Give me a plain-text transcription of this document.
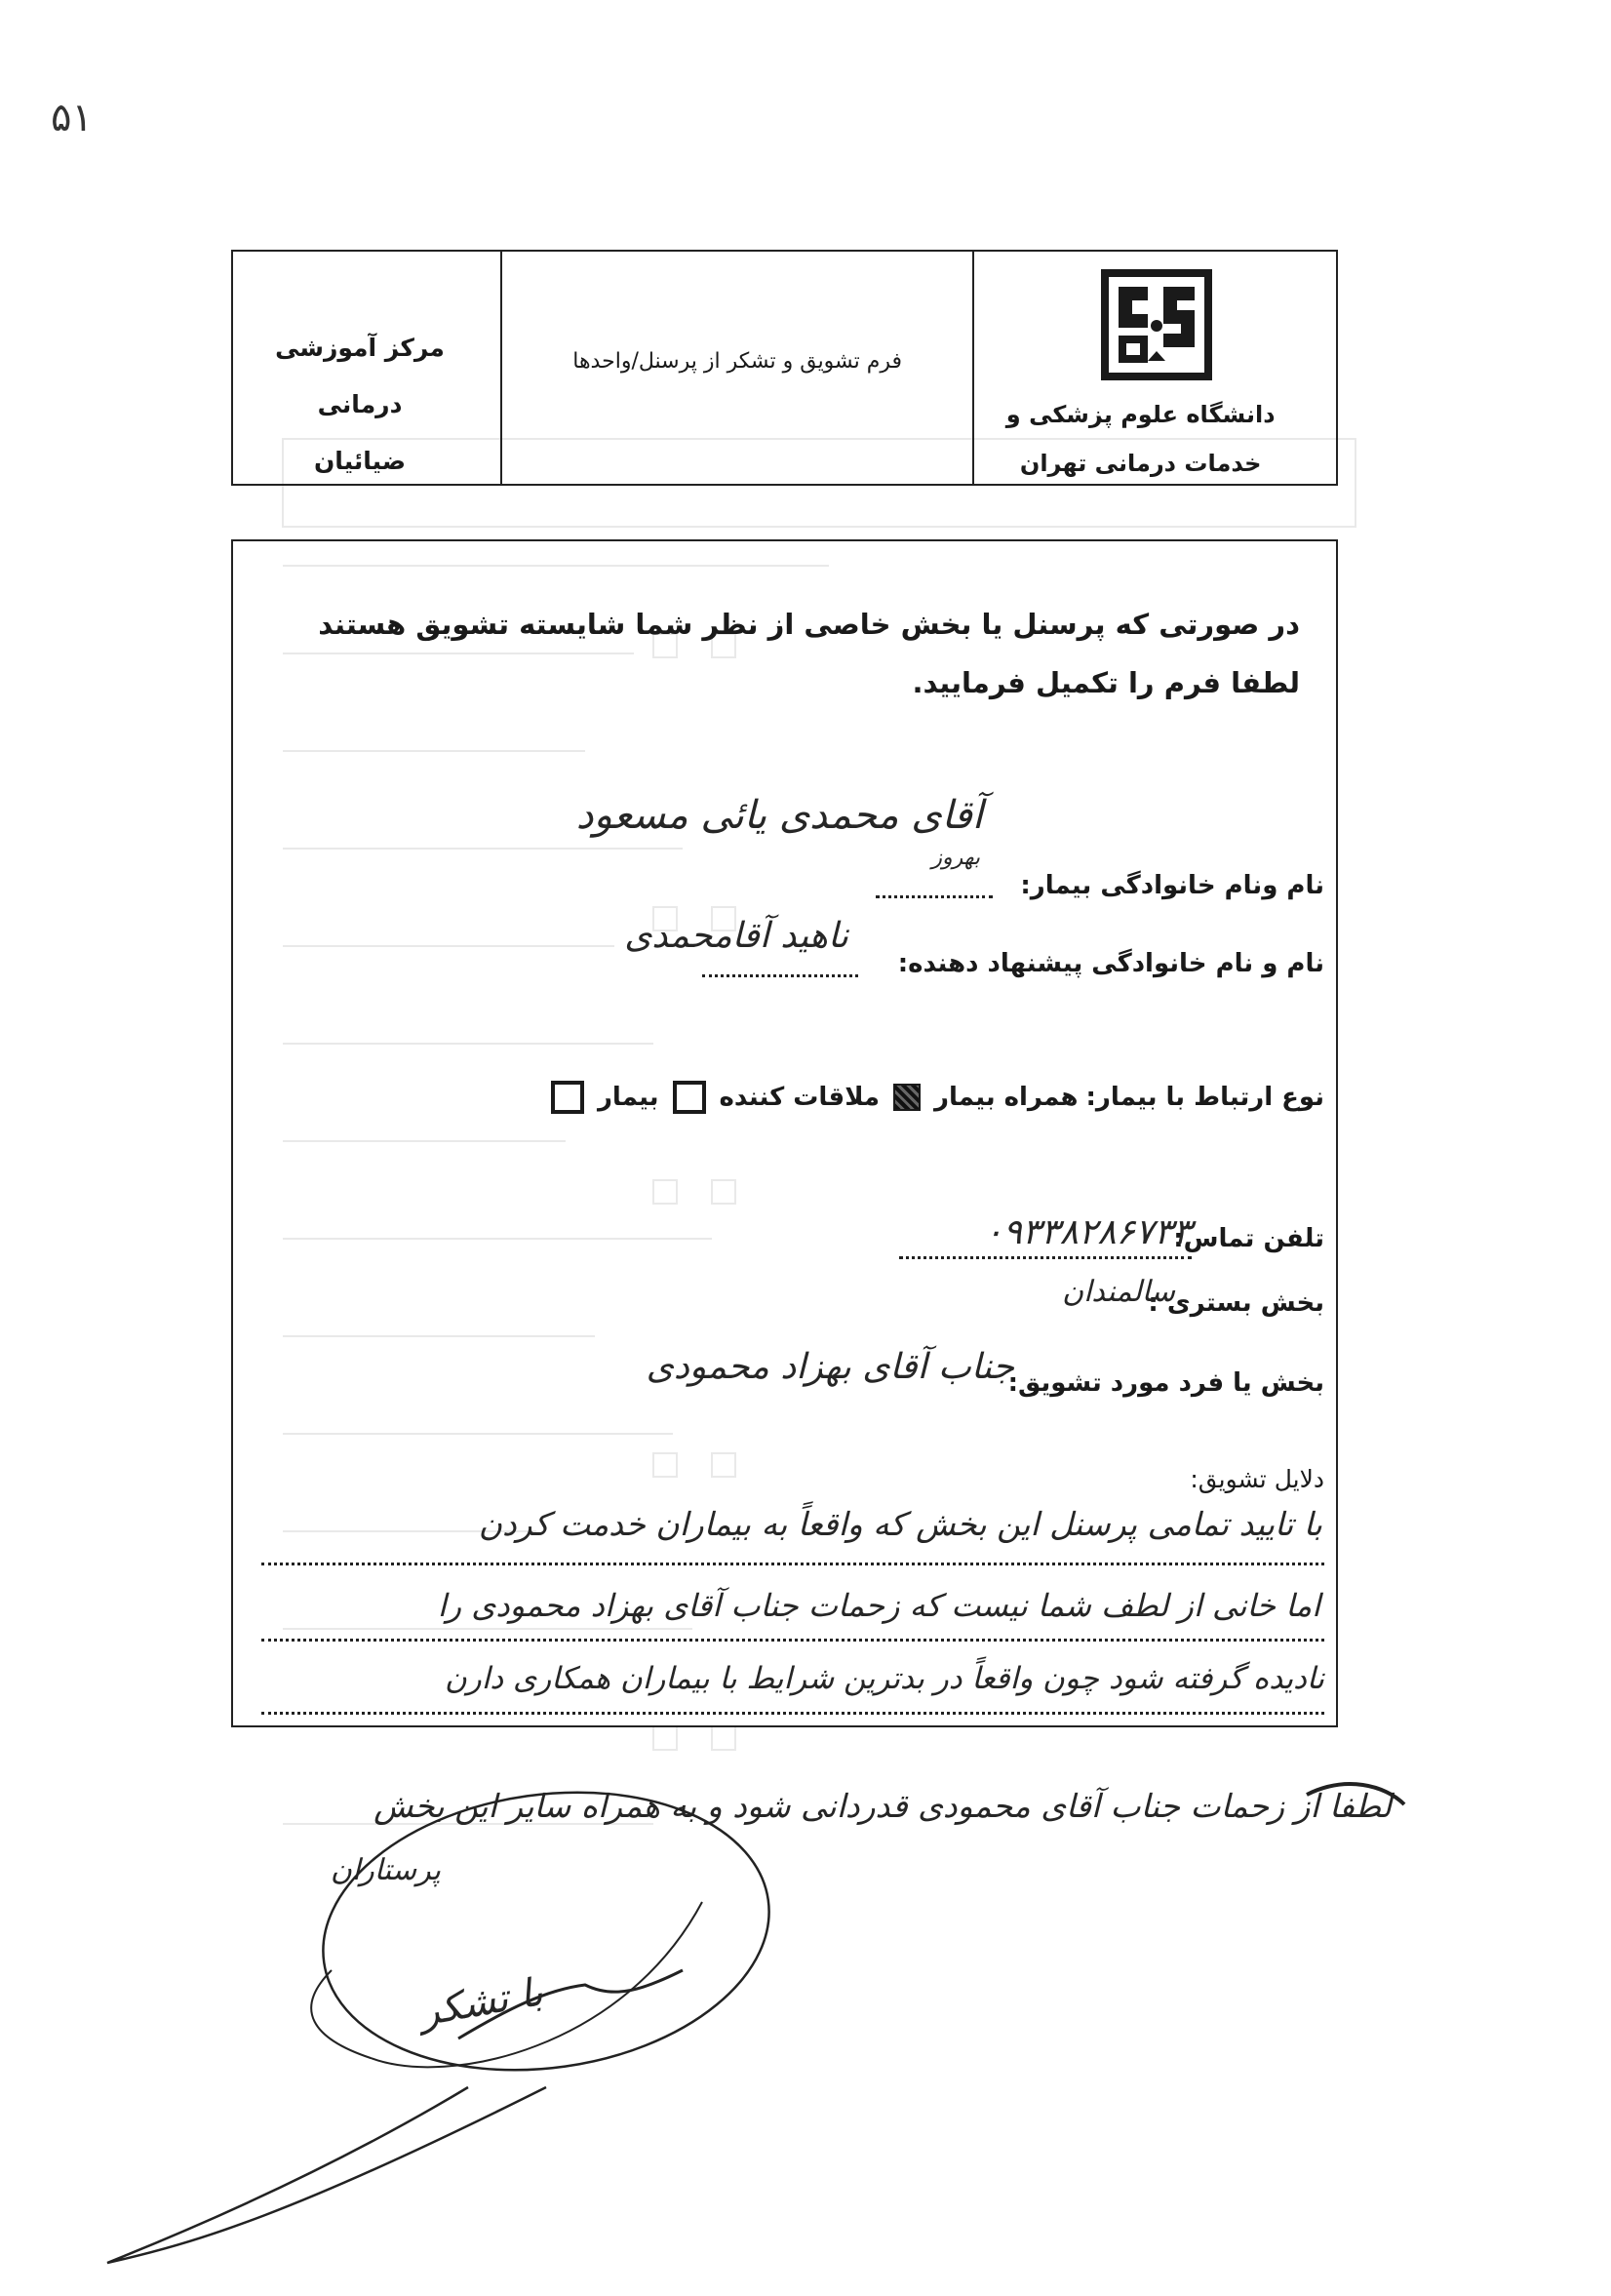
۵۱
مرکز آموزشی درمانی
ضیائیان
فرم تشویق و تشکر از پرسنل/واحدها
دانشگاه علوم پزشکی و
خدمات درمانی تهران
در صورتی که پرسنل یا بخش خاصی از نظر شما شایسته تشویق هستند لطفا فرم را تکمیل فرمایید.
نام ونام خانوادگی بیمار:
بهروز
آقای محمدی یائی مسعود
نام و نام خانوادگی پیشنهاد دهنده:
ناهید آقامحمدی
نوع ارتباط با بیمار:
همراه بیمار
ملاقات کننده
بیمار
تلفن تماس:
۰۹۳۳۸۲۸۶۷۳۳
بخش بستری :
سالمندان
بخش یا فرد مورد تشویق:
جناب آقای بهزاد محمودی
دلایل تشویق:
با تایید تمامی پرسنل این بخش که واقعاً به بیماران خدمت کردن
اما خانی از لطف شما نیست که زحمات جناب آقای بهزاد محمودی را
نادیده گرفته شود چون واقعاً در بدترین شرایط با بیماران همکاری دارن
لطفا از زحمات جناب آقای محمودی قدردانی شود و به همراه سایر این بخش
پرستاران
با تشکر
